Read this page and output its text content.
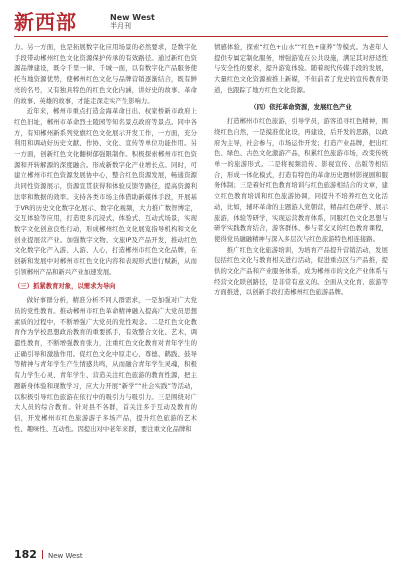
新西部	New West
半月刊

力。另一方面，也是拓展数字化应用场景的必然要求，是数字化手段带动郴州红色文化资源保护传承的有效路径。通过新红色资源品牌建设，既令千里一律、千城一面，以有数字化产品服务使托当地资源优势，使郴州红色文化与品牌营销逐渐结合，既有鲜亮的名号，又有独具特色的红色文化内涵，讲好史的故事、革命的故事、英雄的故事，才能走深走实产生影响力。

近年来，郴州市重点打造金海革命日出、权家桥新市政府上红色旧址，郴州市革命烈士陵园等知名景点政府等景点。同中各方，有知郴州新系列党旗红色文化展示开发工作，一方面，充分利用和调动好历史文献、作协、文化、宣传等单位功能作用。另一方面，创新红色文化翻树郁强限制作。积极探索郴州市红色资源和开转解源的深度融合。形成新数字化产业增长点。同时，可建立郴州市红色资源发展协中心，整合红色资源发展，畅通资源共同性资源展示，资源宣贯获得和体验反馈等路径，提高资源利法率和数据的效率。支持各类市场主体借助新媒体手段，开展基于VR的历史文化数字化展示、数字化视频，大力推广数智博定，交互体验等应用，打造更多沉浸式、体验式、互动式场景，实现数字文化创意良性行动，形成郴州红色文化展览指导机构和文化创业提展营产业。加强数字文物、文旅IP及产品开发，推动红色文化数字化产入游、人游、人心，打造郴州市红色文化品牌，在创新和发展中对郴州市红色文化内容和表现形式进行赋新，从而引领郴州产品和新兴产业加速发展。

（三）抓紧教育对象，以需求为导向

做好事群分析，精准分析不同人群需求，一是加强对广大党员的党性教育。推动郴州市红色革命精神融入提高广大党员思想素质的过程中，不断增强广大党员的党性观念。二是红色文化教育作为学校思想政治教育的重要抓手，有效整合文化、艺术、调遣性教育，不断增强教育张力，注重红色文化教育对青年学生的正确引导和激励作用。促红色文化中原走心、尊德、鹤践、鼓导等精神与青年学生产生情感共鸣，从而融合青年学生灵魂，积极有力学生心灵、青年学生、营造关注红色旅游的教育性源，把主题新身体验和现数学习，应大力开展“新学”“社会实践”等活动，以积极引导红色旅游在依行中的吸引力与吸引力。三是围绕对广大人员的综合教育。针对县不各群，首关注多于互动及教育的信，开发郴州市红色旅游游子多场产品，提升红色旅游的艺术性、趣味性、互动性。因提出对中老年来群，要注重文化品牌和

情感体验，探索“红色+山水”“红色+康养”等模式。为老年人提供专属定制化服务，增强游览在公共设施，满足其对舒适性与安全性的要求，提升游览体验。随着现代传媒手段的发展，大量红色文化资源被推上新媒，不但前者了党史的宣传教育渠道，也跟踪了地方红色文化资源。

（四）依托革命资源，发展红色产业

打造郴州市红色旅游，引导学员，游客追寻红色精神，围绕红色自然，一是摸准优化设，再建设，后开发的思路，以政府为主导，社会参与，市场运作开发；打造产业品牌，把出红色、绿色、古色文化激游产品，积累红色旅游市场，改变传统单一的旅游形式。二是将视频渲传、影视宣传、出版等相结合，形成一体化模式，打造有特色的革命历史题材影视剧和服务体制；三是着好红色教育培训与红色旅游相结合的文章，建立红色教育培训和红色旅游协调，同提升不培养红色文化活动，比如，辅环革命的主题游人党朝营，精品红色研学、展示旅游，体验等研学，实现运营教育体系，同服红色文化思想与研学实践教育结合，游客群体、参与者交叉的红色教育课程，使得党员融融精神与深入多层次与红色旅游特色相连接路。

推广红色文化旅游培训，为培育产品提升营销活动，发展包括红色文化与教育相关进行活动，促进重点区与产品推，提供的文化产品和产业服务体系，成为郴州市的文化产业体系与经营文化联创路径，是非常有意义的。全面从文化育、旅游等方面推进，以创新手段打造郴州红色旅游品牌。

182 New West
